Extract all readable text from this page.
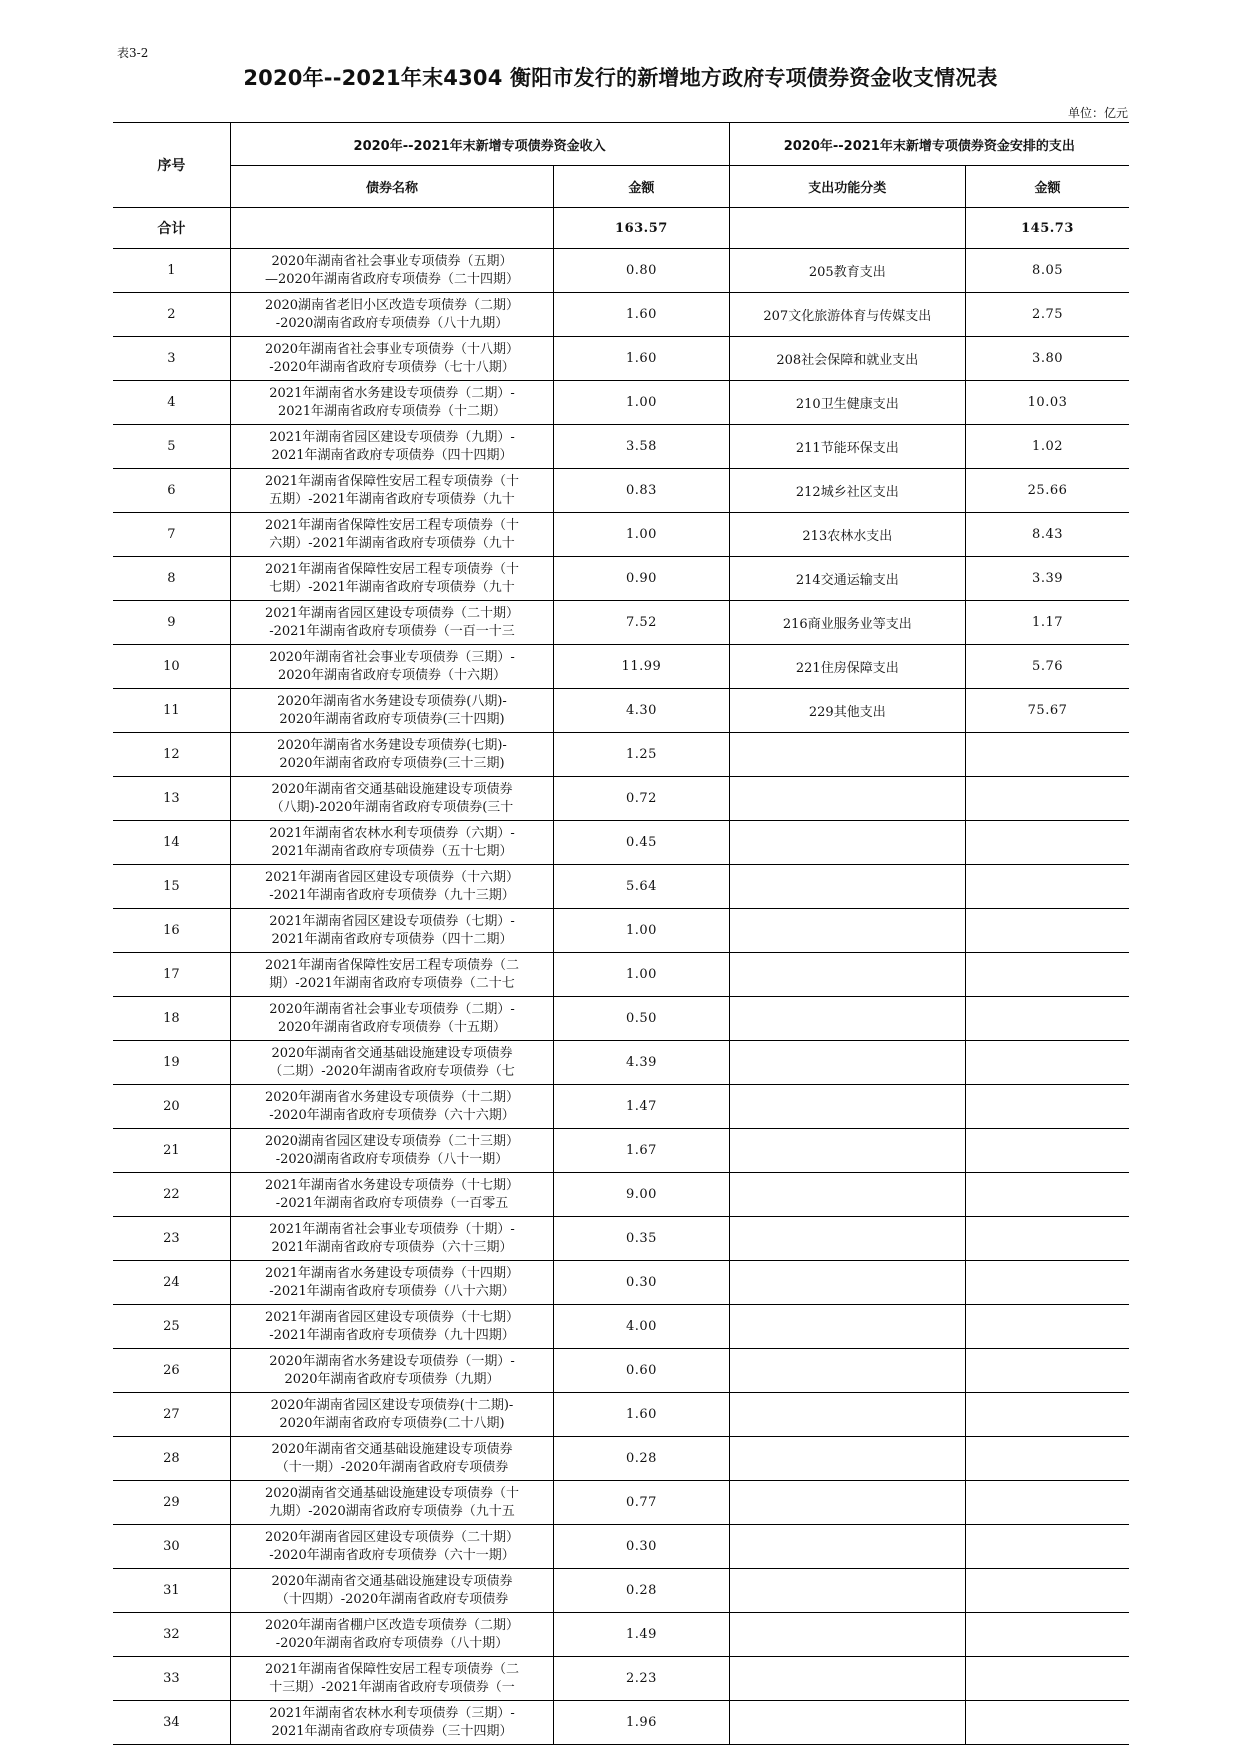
表3-2
2020年--2021年末4304 衡阳市发行的新增地方政府专项债券资金收支情况表
单位：亿元
序号	2020年--2021年末新增专项债券资金收入		2020年--2021年末新增专项债券资金安排的支出	
	债券名称	金额	支出功能分类	金额
合计		163.57		145.73
1	2020年湖南省社会事业专项债券（五期）
—2020年湖南省政府专项债券（二十四期）	0.80	205教育支出	8.05
2	2020湖南省老旧小区改造专项债券（二期）
-2020湖南省政府专项债券（八十九期）	1.60	207文化旅游体育与传媒支出	2.75
3	2020年湖南省社会事业专项债券（十八期）
-2020年湖南省政府专项债券（七十八期）	1.60	208社会保障和就业支出	3.80
4	2021年湖南省水务建设专项债券（二期）-
2021年湖南省政府专项债券（十二期）	1.00	210卫生健康支出	10.03
5	2021年湖南省园区建设专项债券（九期）-
2021年湖南省政府专项债券（四十四期）	3.58	211节能环保支出	1.02
6	2021年湖南省保障性安居工程专项债券（十
五期）-2021年湖南省政府专项债券（九十	0.83	212城乡社区支出	25.66
7	2021年湖南省保障性安居工程专项债券（十
六期）-2021年湖南省政府专项债券（九十	1.00	213农林水支出	8.43
8	2021年湖南省保障性安居工程专项债券（十
七期）-2021年湖南省政府专项债券（九十	0.90	214交通运输支出	3.39
9	2021年湖南省园区建设专项债券（二十期）
-2021年湖南省政府专项债券（一百一十三	7.52	216商业服务业等支出	1.17
10	2020年湖南省社会事业专项债券（三期）-
2020年湖南省政府专项债券（十六期）	11.99	221住房保障支出	5.76
11	2020年湖南省水务建设专项债券(八期)-
2020年湖南省政府专项债券(三十四期)	4.30	229其他支出	75.67
12	2020年湖南省水务建设专项债券(七期)-
2020年湖南省政府专项债券(三十三期)	1.25		
13	2020年湖南省交通基础设施建设专项债券
（八期)-2020年湖南省政府专项债券(三十	0.72		
14	2021年湖南省农林水利专项债券（六期）-
2021年湖南省政府专项债券（五十七期）	0.45		
15	2021年湖南省园区建设专项债券（十六期）
-2021年湖南省政府专项债券（九十三期）	5.64		
16	2021年湖南省园区建设专项债券（七期）-
2021年湖南省政府专项债券（四十二期）	1.00		
17	2021年湖南省保障性安居工程专项债券（二
期）-2021年湖南省政府专项债券（二十七	1.00		
18	2020年湖南省社会事业专项债券（二期）-
2020年湖南省政府专项债券（十五期）	0.50		
19	2020年湖南省交通基础设施建设专项债券
（二期）-2020年湖南省政府专项债券（七	4.39		
20	2020年湖南省水务建设专项债券（十二期）
-2020年湖南省政府专项债券（六十六期）	1.47		
21	2020湖南省园区建设专项债券（二十三期）
-2020湖南省政府专项债券（八十一期）	1.67		
22	2021年湖南省水务建设专项债券（十七期）
-2021年湖南省政府专项债券（一百零五	9.00		
23	2021年湖南省社会事业专项债券（十期）-
2021年湖南省政府专项债券（六十三期）	0.35		
24	2021年湖南省水务建设专项债券（十四期）
-2021年湖南省政府专项债券（八十六期）	0.30		
25	2021年湖南省园区建设专项债券（十七期）
-2021年湖南省政府专项债券（九十四期）	4.00		
26	2020年湖南省水务建设专项债券（一期）-
2020年湖南省政府专项债券（九期）	0.60		
27	2020年湖南省园区建设专项债券(十二期)-
2020年湖南省政府专项债券(二十八期)	1.60		
28	2020年湖南省交通基础设施建设专项债券
（十一期）-2020年湖南省政府专项债券	0.28		
29	2020湖南省交通基础设施建设专项债券（十
九期）-2020湖南省政府专项债券（九十五	0.77		
30	2020年湖南省园区建设专项债券（二十期）
-2020年湖南省政府专项债券（六十一期）	0.30		
31	2020年湖南省交通基础设施建设专项债券
（十四期）-2020年湖南省政府专项债券	0.28		
32	2020年湖南省棚户区改造专项债券（二期）
-2020年湖南省政府专项债券（八十期）	1.49		
33	2021年湖南省保障性安居工程专项债券（二
十三期）-2021年湖南省政府专项债券（一	2.23		
34	2021年湖南省农林水利专项债券（三期）-
2021年湖南省政府专项债券（三十四期）	1.96		
